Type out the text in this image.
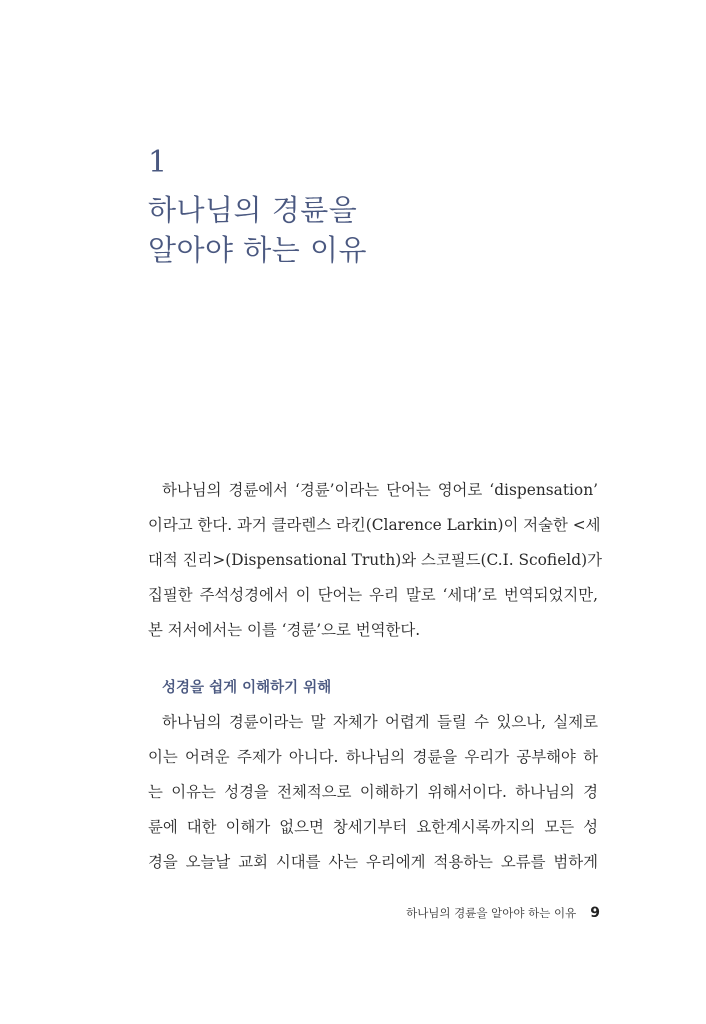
1
하나님의 경륜을
알아야 하는 이유

하나님의 경륜에서 ‘경륜’이라는 단어는 영어로 ‘dispensation’
이라고 한다. 과거 클라렌스 라킨(Clarence Larkin)이 저술한 <세
대적 진리>(Dispensational Truth)와 스코필드(C.I. Scofield)가
집필한 주석성경에서 이 단어는 우리 말로 ‘세대’로 번역되었지만,
본 저서에서는 이를 ‘경륜’으로 번역한다.

성경을 쉽게 이해하기 위해

하나님의 경륜이라는 말 자체가 어렵게 들릴 수 있으나, 실제로
이는 어려운 주제가 아니다. 하나님의 경륜을 우리가 공부해야 하
는 이유는 성경을 전체적으로 이해하기 위해서이다. 하나님의 경
륜에 대한 이해가 없으면 창세기부터 요한계시록까지의 모든 성
경을 오늘날 교회 시대를 사는 우리에게 적용하는 오류를 범하게

하나님의 경륜을 알아야 하는 이유 9
